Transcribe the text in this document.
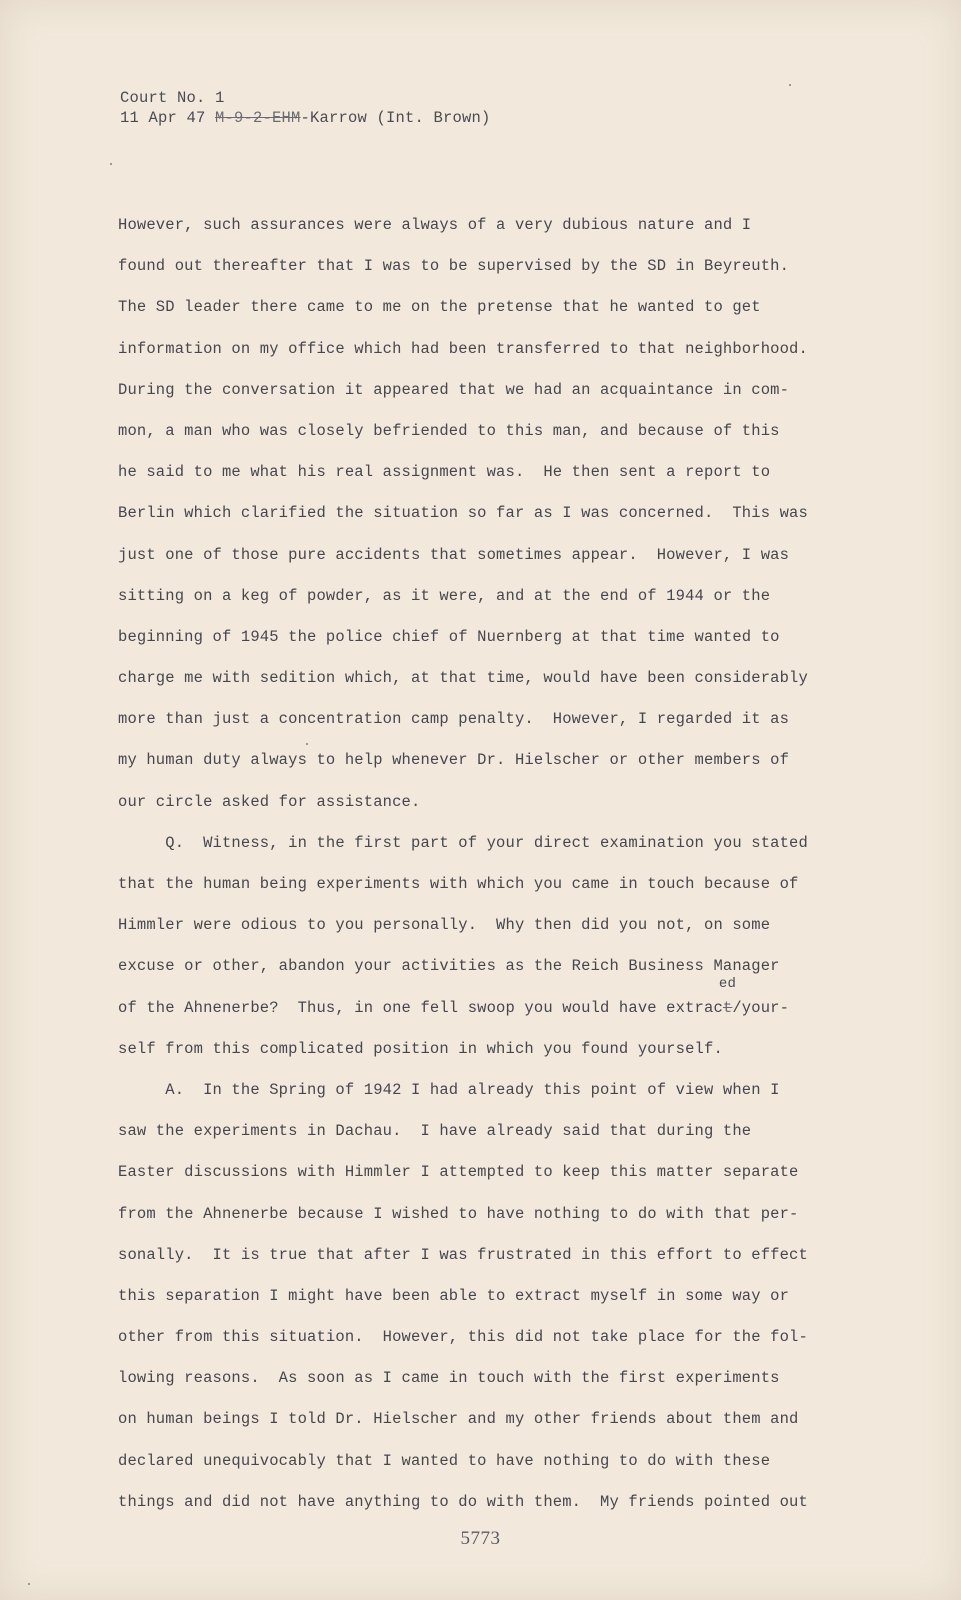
Court No. 1
11 Apr 47 M-9-2-EHM-Karrow (Int. Brown)
However, such assurances were always of a very dubious nature and I
found out thereafter that I was to be supervised by the SD in Beyreuth.
The SD leader there came to me on the pretense that he wanted to get
information on my office which had been transferred to that neighborhood.
During the conversation it appeared that we had an acquaintance in com-
mon, a man who was closely befriended to this man, and because of this
he said to me what his real assignment was.  He then sent a report to
Berlin which clarified the situation so far as I was concerned.  This was
just one of those pure accidents that sometimes appear.  However, I was
sitting on a keg of powder, as it were, and at the end of 1944 or the
beginning of 1945 the police chief of Nuernberg at that time wanted to
charge me with sedition which, at that time, would have been considerably
more than just a concentration camp penalty.  However, I regarded it as
my human duty always to help whenever Dr. Hielscher or other members of
our circle asked for assistance.
Q.  Witness, in the first part of your direct examination you stated
that the human being experiments with which you came in touch because of
Himmler were odious to you personally.  Why then did you not, on some
excuse or other, abandon your activities as the Reich Business Manager
of the Ahnenerbe?  Thus, in one fell swoop you would have extrac
ed
t/your-
self from this complicated position in which you found yourself.
A.  In the Spring of 1942 I had already this point of view when I
saw the experiments in Dachau.  I have already said that during the
Easter discussions with Himmler I attempted to keep this matter separate
from the Ahnenerbe because I wished to have nothing to do with that per-
sonally.  It is true that after I was frustrated in this effort to effect
this separation I might have been able to extract myself in some way or
other from this situation.  However, this did not take place for the fol-
lowing reasons.  As soon as I came in touch with the first experiments
on human beings I told Dr. Hielscher and my other friends about them and
declared unequivocably that I wanted to have nothing to do with these
things and did not have anything to do with them.  My friends pointed out
5773
